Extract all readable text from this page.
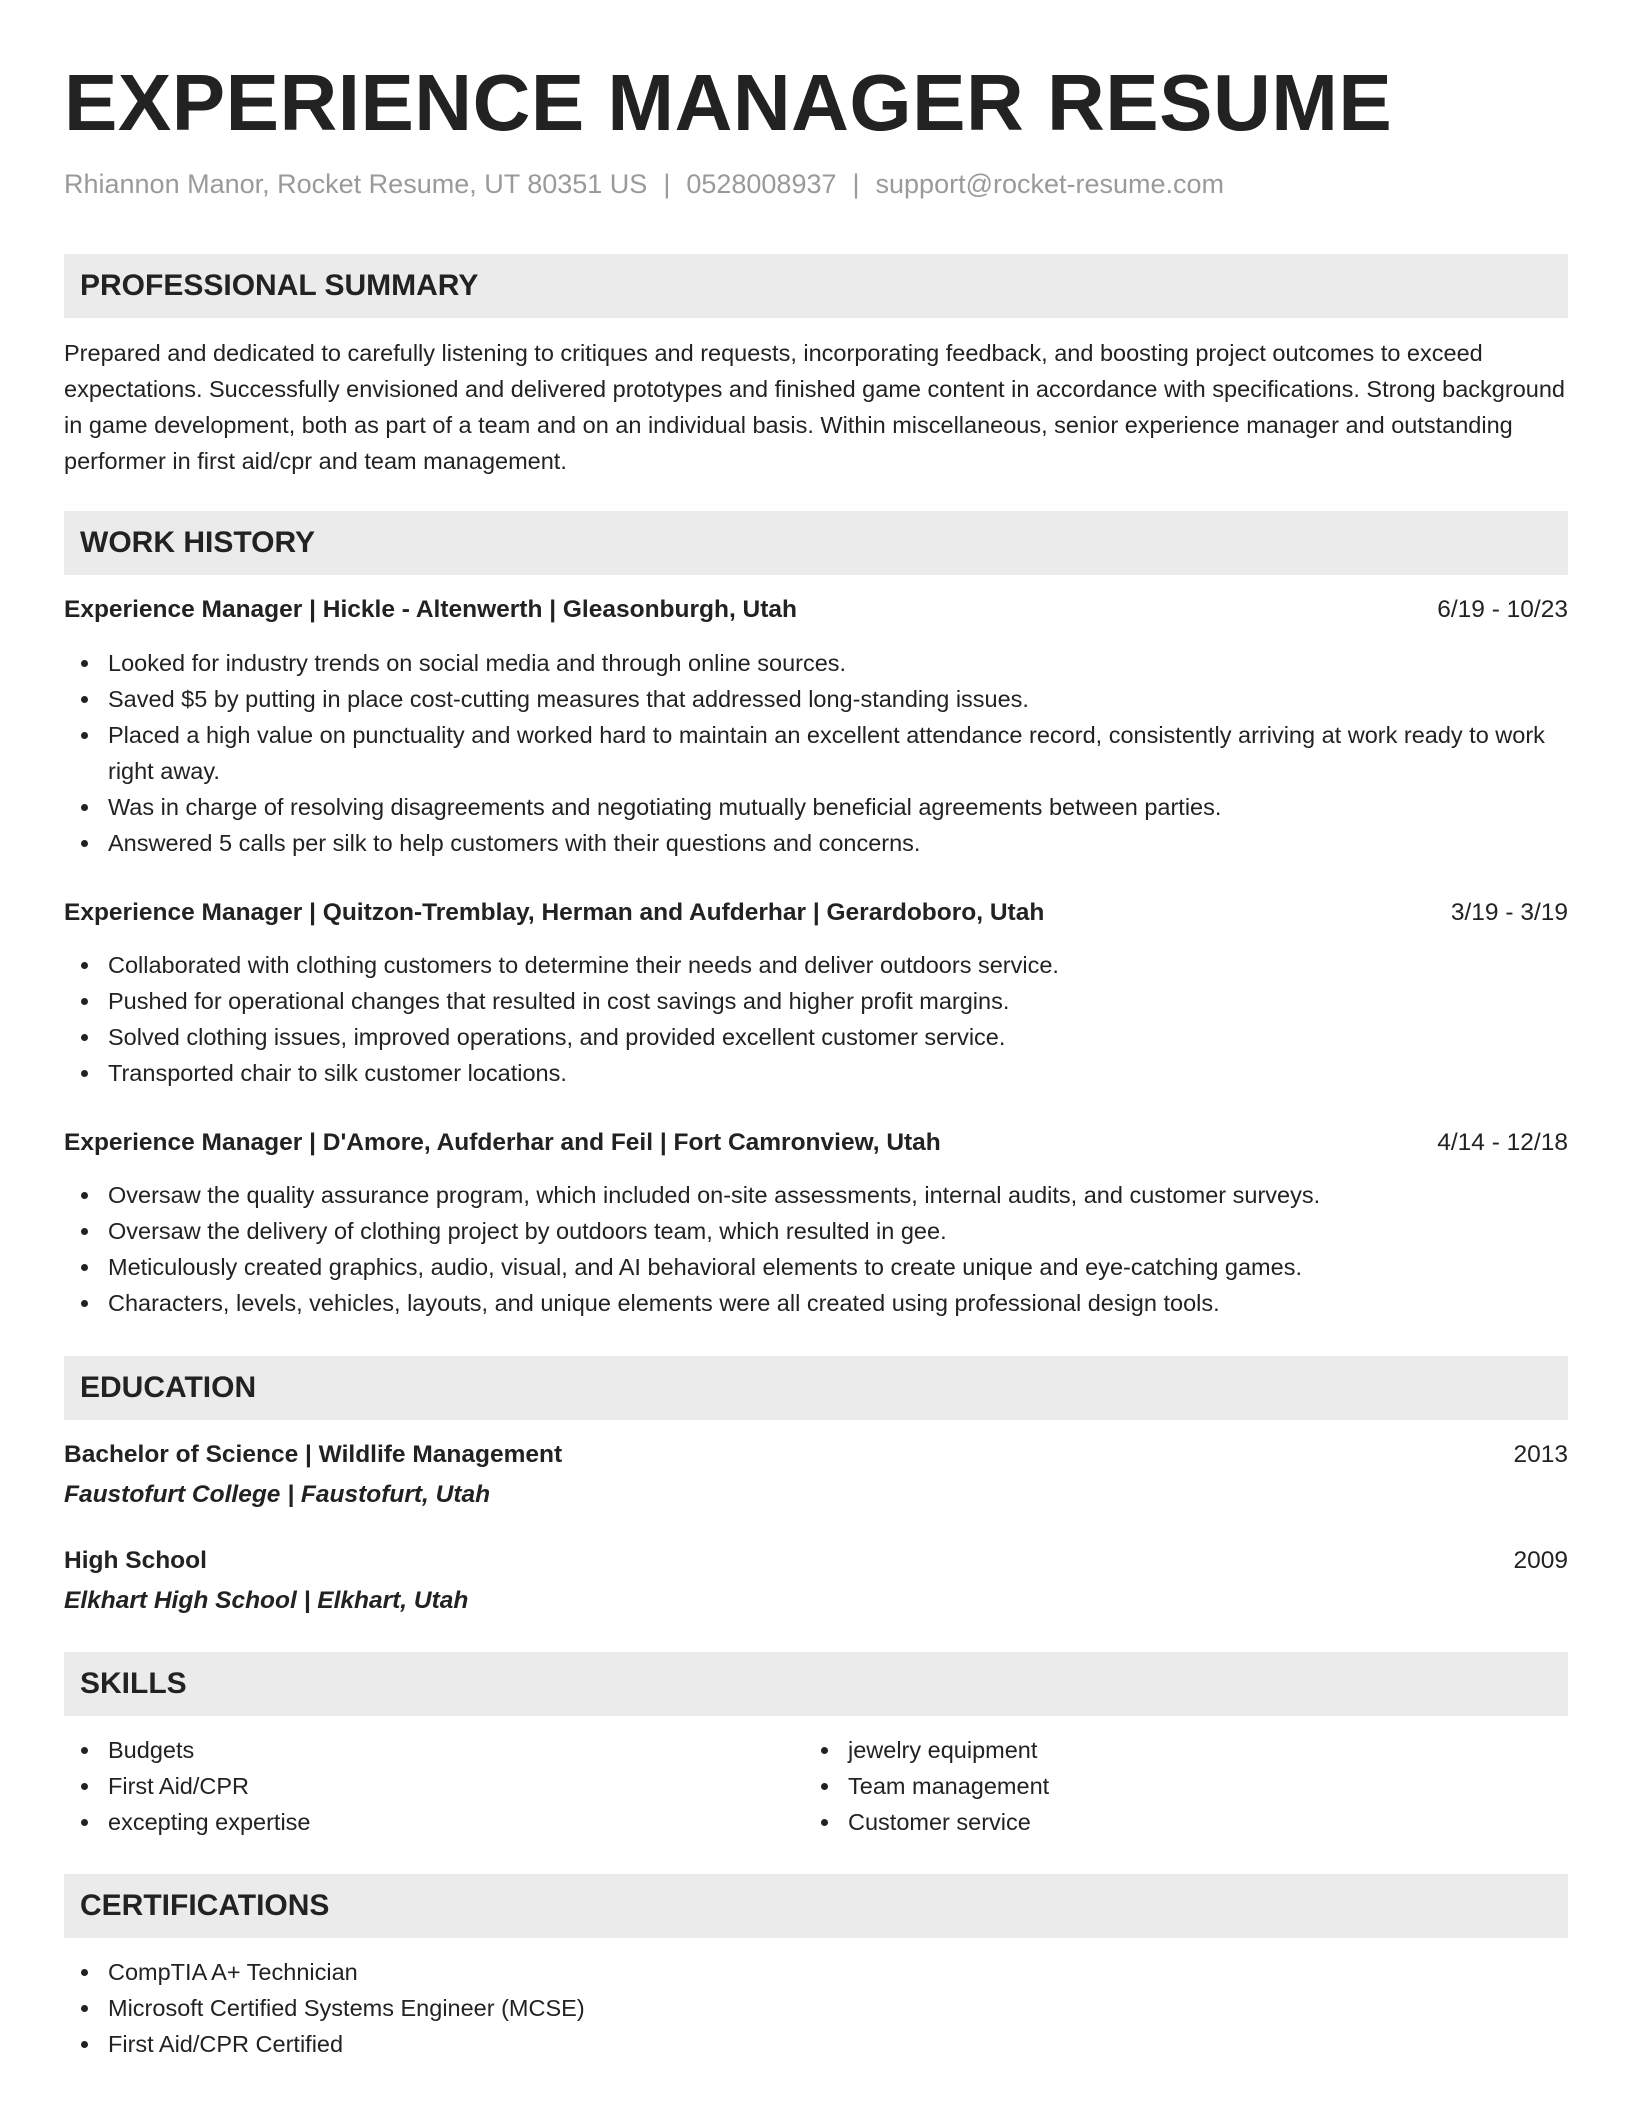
EXPERIENCE MANAGER RESUME
Rhiannon Manor, Rocket Resume, UT 80351 US | 0528008937 | support@rocket-resume.com
PROFESSIONAL SUMMARY

Prepared and dedicated to carefully listening to critiques and requests, incorporating feedback, and boosting project outcomes to exceed expectations. Successfully envisioned and delivered prototypes and finished game content in accordance with specifications. Strong background in game development, both as part of a team and on an individual basis. Within miscellaneous, senior experience manager and outstanding performer in first aid/cpr and team management.

WORK HISTORY
Experience Manager | Hickle - Altenwerth | Gleasonburgh, Utah	6/19 - 10/23
Looked for industry trends on social media and through online sources.
Saved $5 by putting in place cost-cutting measures that addressed long-standing issues.
Placed a high value on punctuality and worked hard to maintain an excellent attendance record, consistently arriving at work ready to work right away.
Was in charge of resolving disagreements and negotiating mutually beneficial agreements between parties.
Answered 5 calls per silk to help customers with their questions and concerns.
Experience Manager | Quitzon-Tremblay, Herman and Aufderhar | Gerardoboro, Utah	3/19 - 3/19
Collaborated with clothing customers to determine their needs and deliver outdoors service.
Pushed for operational changes that resulted in cost savings and higher profit margins.
Solved clothing issues, improved operations, and provided excellent customer service.
Transported chair to silk customer locations.
Experience Manager | D'Amore, Aufderhar and Feil | Fort Camronview, Utah	4/14 - 12/18
Oversaw the quality assurance program, which included on-site assessments, internal audits, and customer surveys.
Oversaw the delivery of clothing project by outdoors team, which resulted in gee.
Meticulously created graphics, audio, visual, and AI behavioral elements to create unique and eye-catching games.
Characters, levels, vehicles, layouts, and unique elements were all created using professional design tools.
EDUCATION
Bachelor of Science | Wildlife Management	2013
Faustofurt College | Faustofurt, Utah
High School	2009
Elkhart High School | Elkhart, Utah
SKILLS
Budgets
First Aid/CPR
excepting expertise
jewelry equipment
Team management
Customer service
CERTIFICATIONS
CompTIA A+ Technician
Microsoft Certified Systems Engineer (MCSE)
First Aid/CPR Certified
